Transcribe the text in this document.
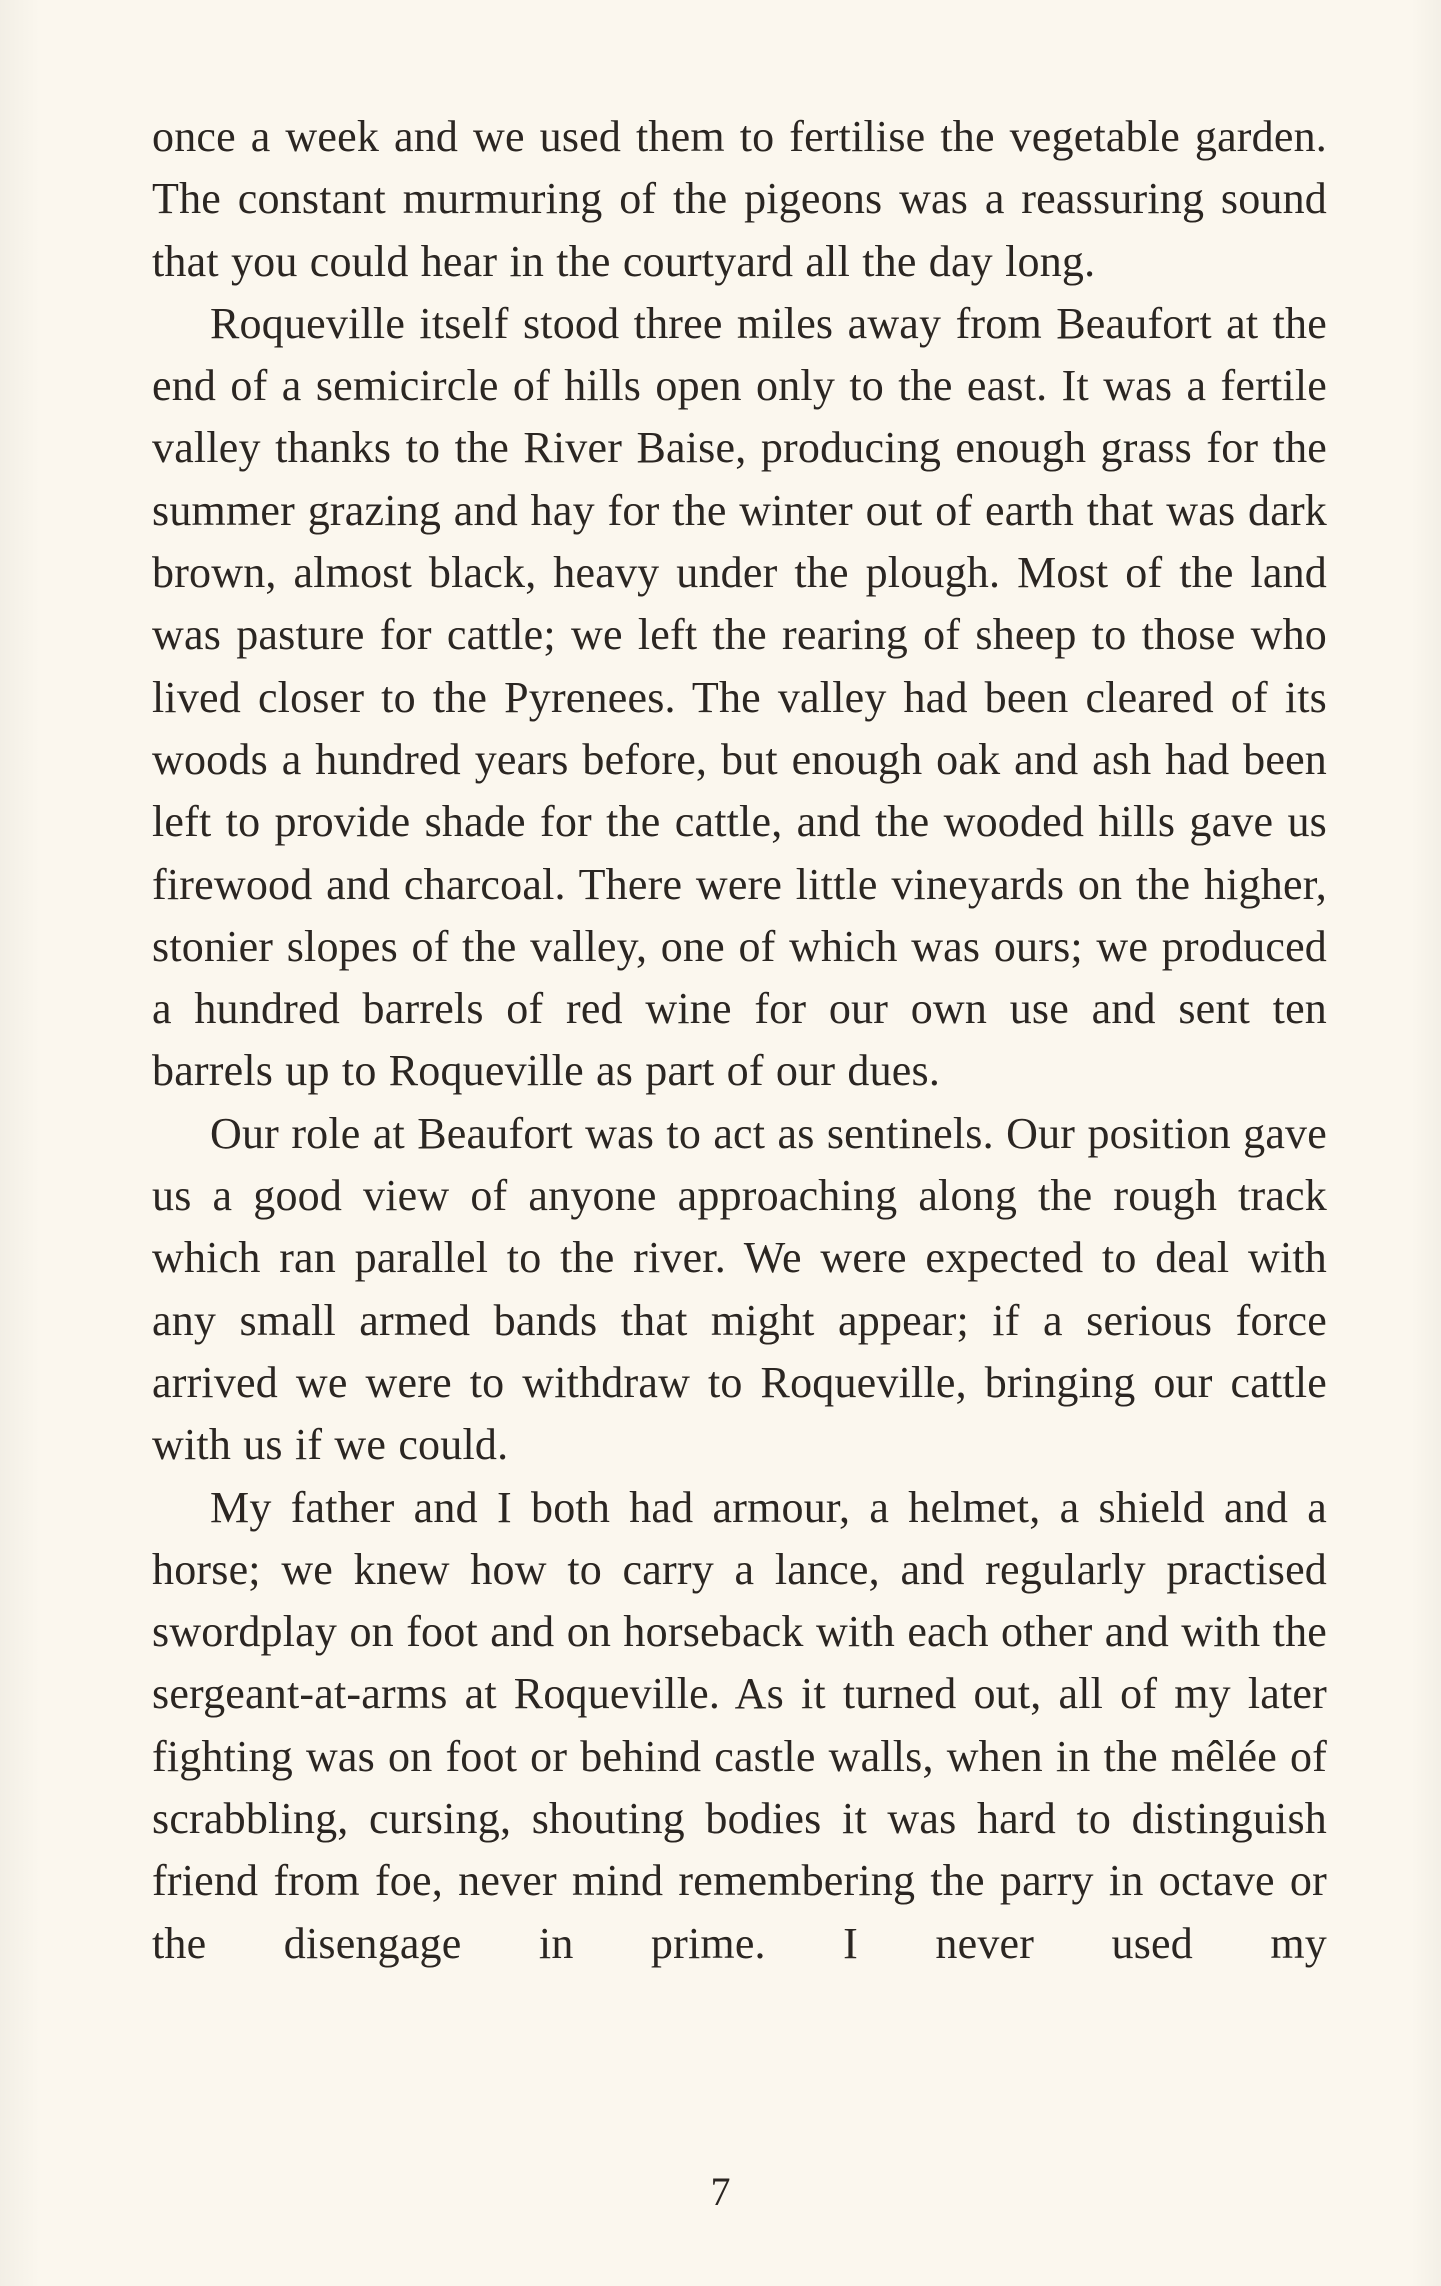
once a week and we used them to fertilise the vegetable garden. The constant murmuring of the pigeons was a reassuring sound that you could hear in the courtyard all the day long.

Roqueville itself stood three miles away from Beaufort at the end of a semicircle of hills open only to the east. It was a fertile valley thanks to the River Baise, producing enough grass for the summer grazing and hay for the winter out of earth that was dark brown, almost black, heavy under the plough. Most of the land was pasture for cattle; we left the rearing of sheep to those who lived closer to the Pyrenees. The valley had been cleared of its woods a hundred years before, but enough oak and ash had been left to provide shade for the cattle, and the wooded hills gave us firewood and charcoal. There were little vineyards on the higher, stonier slopes of the valley, one of which was ours; we produced a hundred barrels of red wine for our own use and sent ten barrels up to Roqueville as part of our dues.

Our role at Beaufort was to act as sentinels. Our position gave us a good view of anyone approaching along the rough track which ran parallel to the river. We were expected to deal with any small armed bands that might appear; if a serious force arrived we were to withdraw to Roqueville, bringing our cattle with us if we could.

My father and I both had armour, a helmet, a shield and a horse; we knew how to carry a lance, and regularly practised swordplay on foot and on horseback with each other and with the sergeant-at-arms at Roqueville. As it turned out, all of my later fighting was on foot or behind castle walls, when in the mêlée of scrabbling, cursing, shouting bodies it was hard to distinguish friend from foe, never mind remembering the parry in octave or the disengage in prime. I never used my

7
